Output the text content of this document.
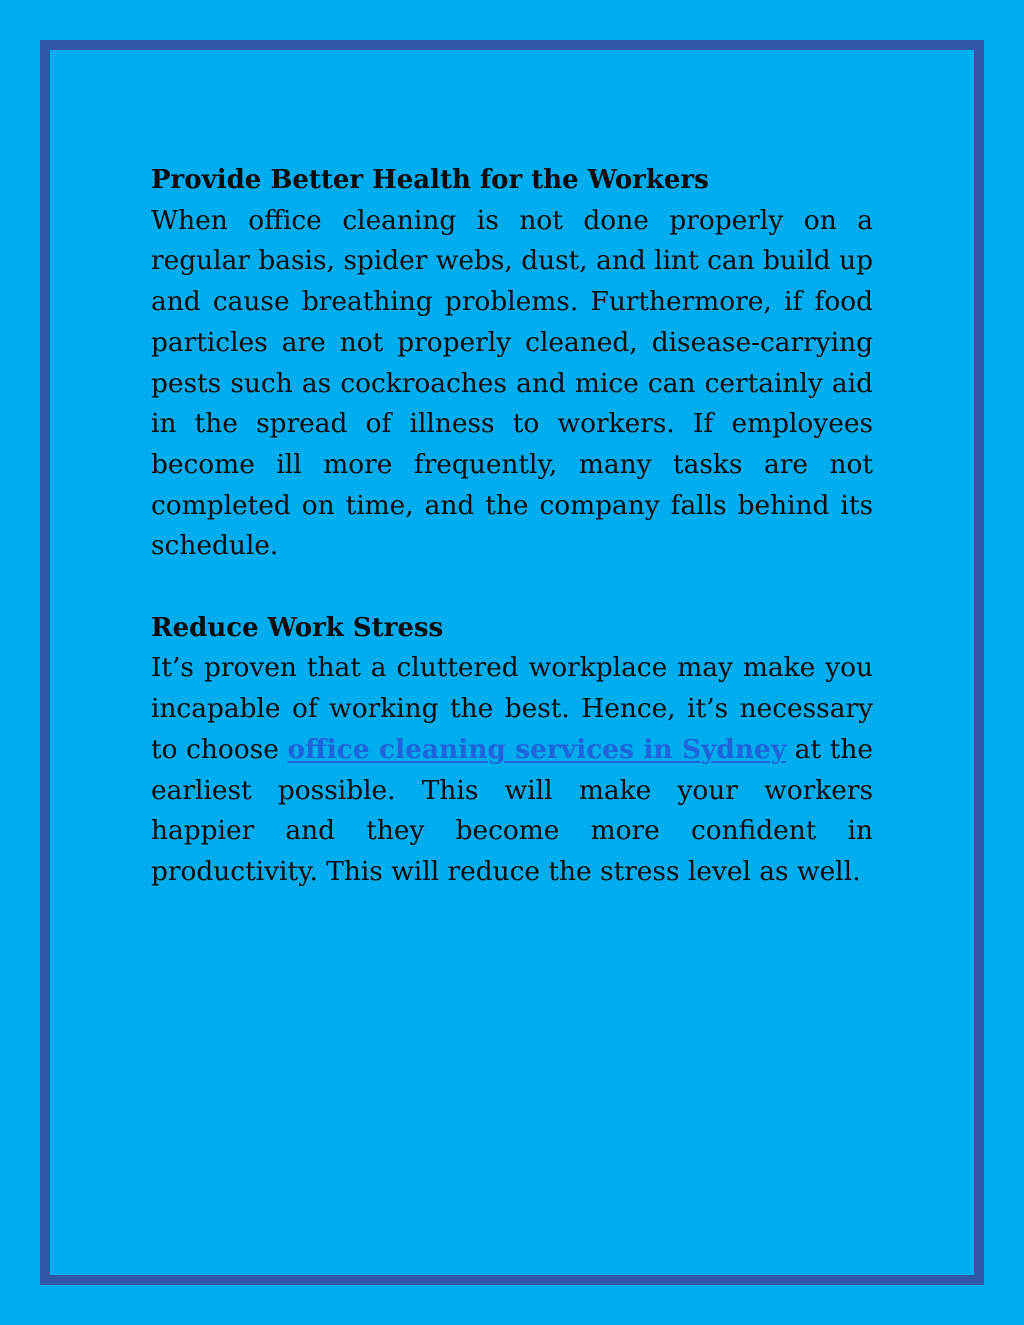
Provide Better Health for the Workers

When office cleaning is not done properly on a regular basis, spider webs, dust, and lint can build up and cause breathing problems. Furthermore, if food particles are not properly cleaned, disease-carrying pests such as cockroaches and mice can certainly aid in the spread of illness to workers. If employees become ill more frequently, many tasks are not completed on time, and the company falls behind its schedule.

Reduce Work Stress

It’s proven that a cluttered workplace may make you incapable of working the best. Hence, it’s necessary to choose office cleaning services in Sydney at the earliest possible. This will make your workers happier and they become more confident in productivity. This will reduce the stress level as well.
